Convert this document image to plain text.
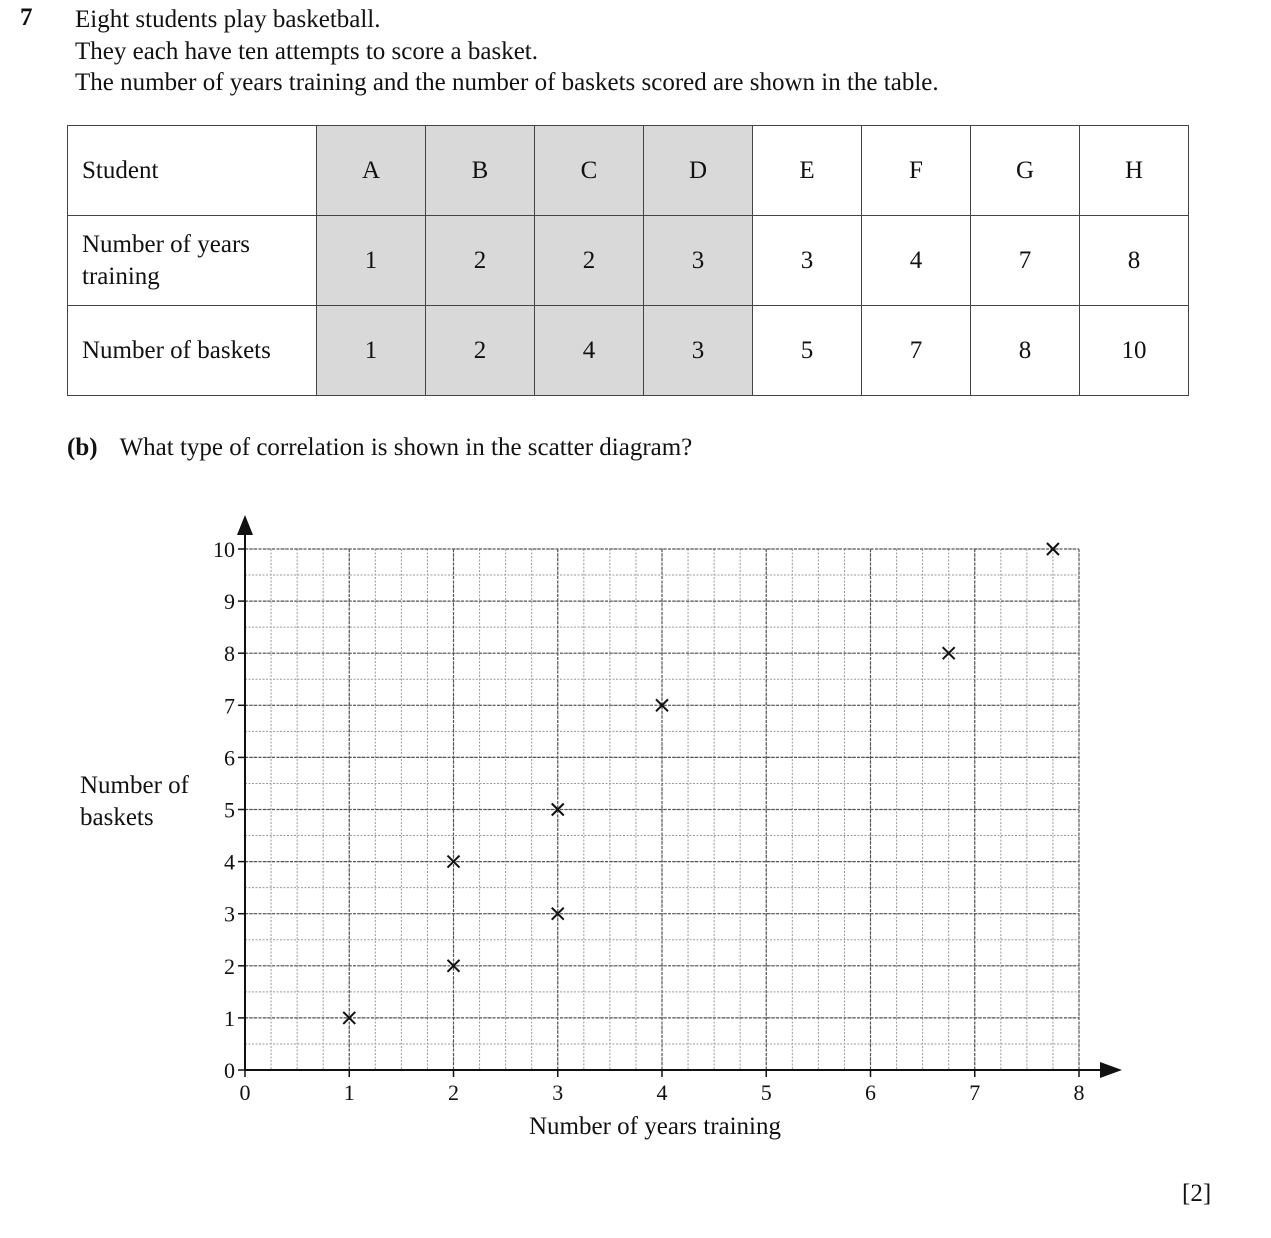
7 Eight students play basketball.
They each have ten attempts to score a basket.
The number of years training and the number of baskets scored are shown in the table.
Student	A	B	C	D	E	F	G	H
Number of years training	1	2	2	3	3	4	7	8
Number of baskets	1	2	4	3	5	7	8	10
(b) What type of correlation is shown in the scatter diagram?
0
1
2
3
4
5
6
7
8
9
10
0	1	2	3	4	5	6	7	8
Number of baskets
Number of years training
[2]
